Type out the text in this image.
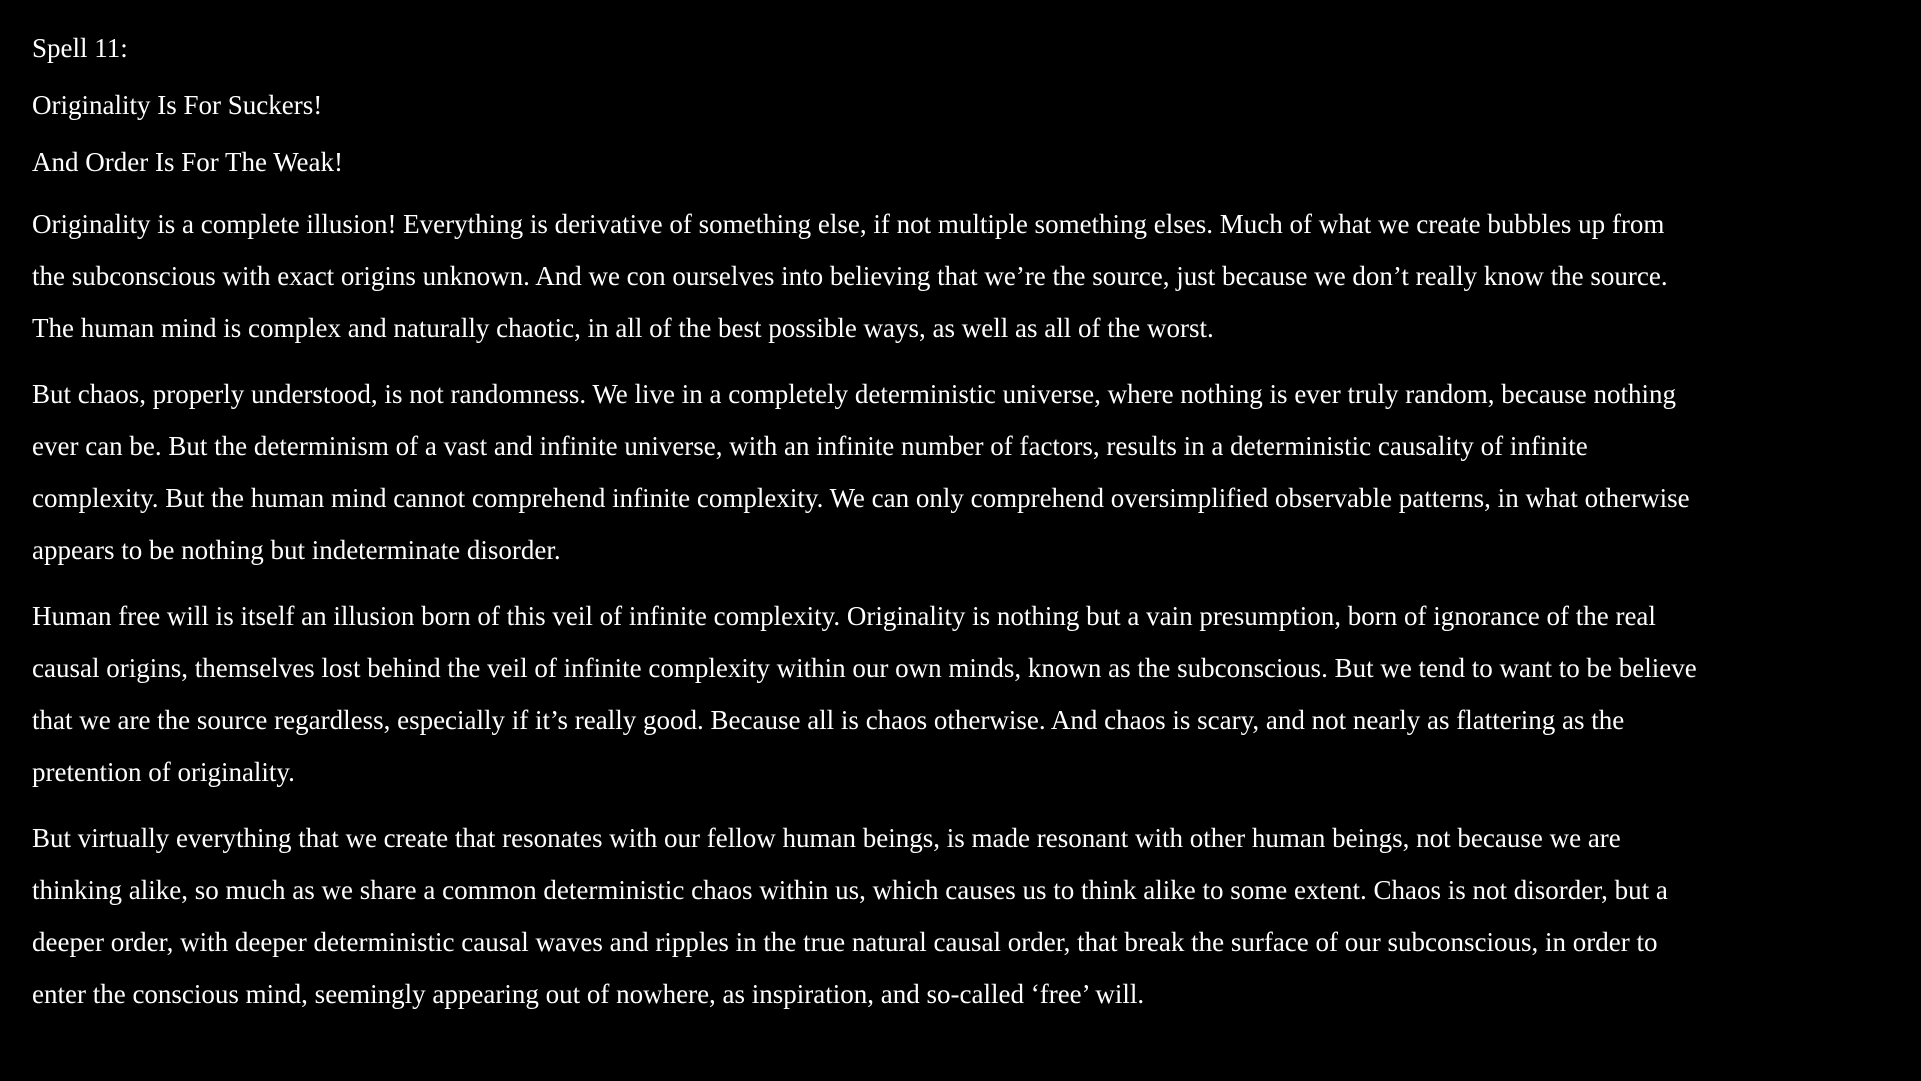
Spell 11:

Originality Is For Suckers!

And Order Is For The Weak!

Originality is a complete illusion! Everything is derivative of something else, if not multiple something elses. Much of what we create bubbles up from
the subconscious with exact origins unknown. And we con ourselves into believing that we’re the source, just because we don’t really know the source.
The human mind is complex and naturally chaotic, in all of the best possible ways, as well as all of the worst.

But chaos, properly understood, is not randomness. We live in a completely deterministic universe, where nothing is ever truly random, because nothing
ever can be. But the determinism of a vast and infinite universe, with an infinite number of factors, results in a deterministic causality of infinite
complexity. But the human mind cannot comprehend infinite complexity. We can only comprehend oversimplified observable patterns, in what otherwise
appears to be nothing but indeterminate disorder.

Human free will is itself an illusion born of this veil of infinite complexity. Originality is nothing but a vain presumption, born of ignorance of the real
causal origins, themselves lost behind the veil of infinite complexity within our own minds, known as the subconscious. But we tend to want to be believe
that we are the source regardless, especially if it’s really good. Because all is chaos otherwise. And chaos is scary, and not nearly as flattering as the
pretention of originality.

But virtually everything that we create that resonates with our fellow human beings, is made resonant with other human beings, not because we are
thinking alike, so much as we share a common deterministic chaos within us, which causes us to think alike to some extent. Chaos is not disorder, but a
deeper order, with deeper deterministic causal waves and ripples in the true natural causal order, that break the surface of our subconscious, in order to
enter the conscious mind, seemingly appearing out of nowhere, as inspiration, and so-called ‘free’ will.
